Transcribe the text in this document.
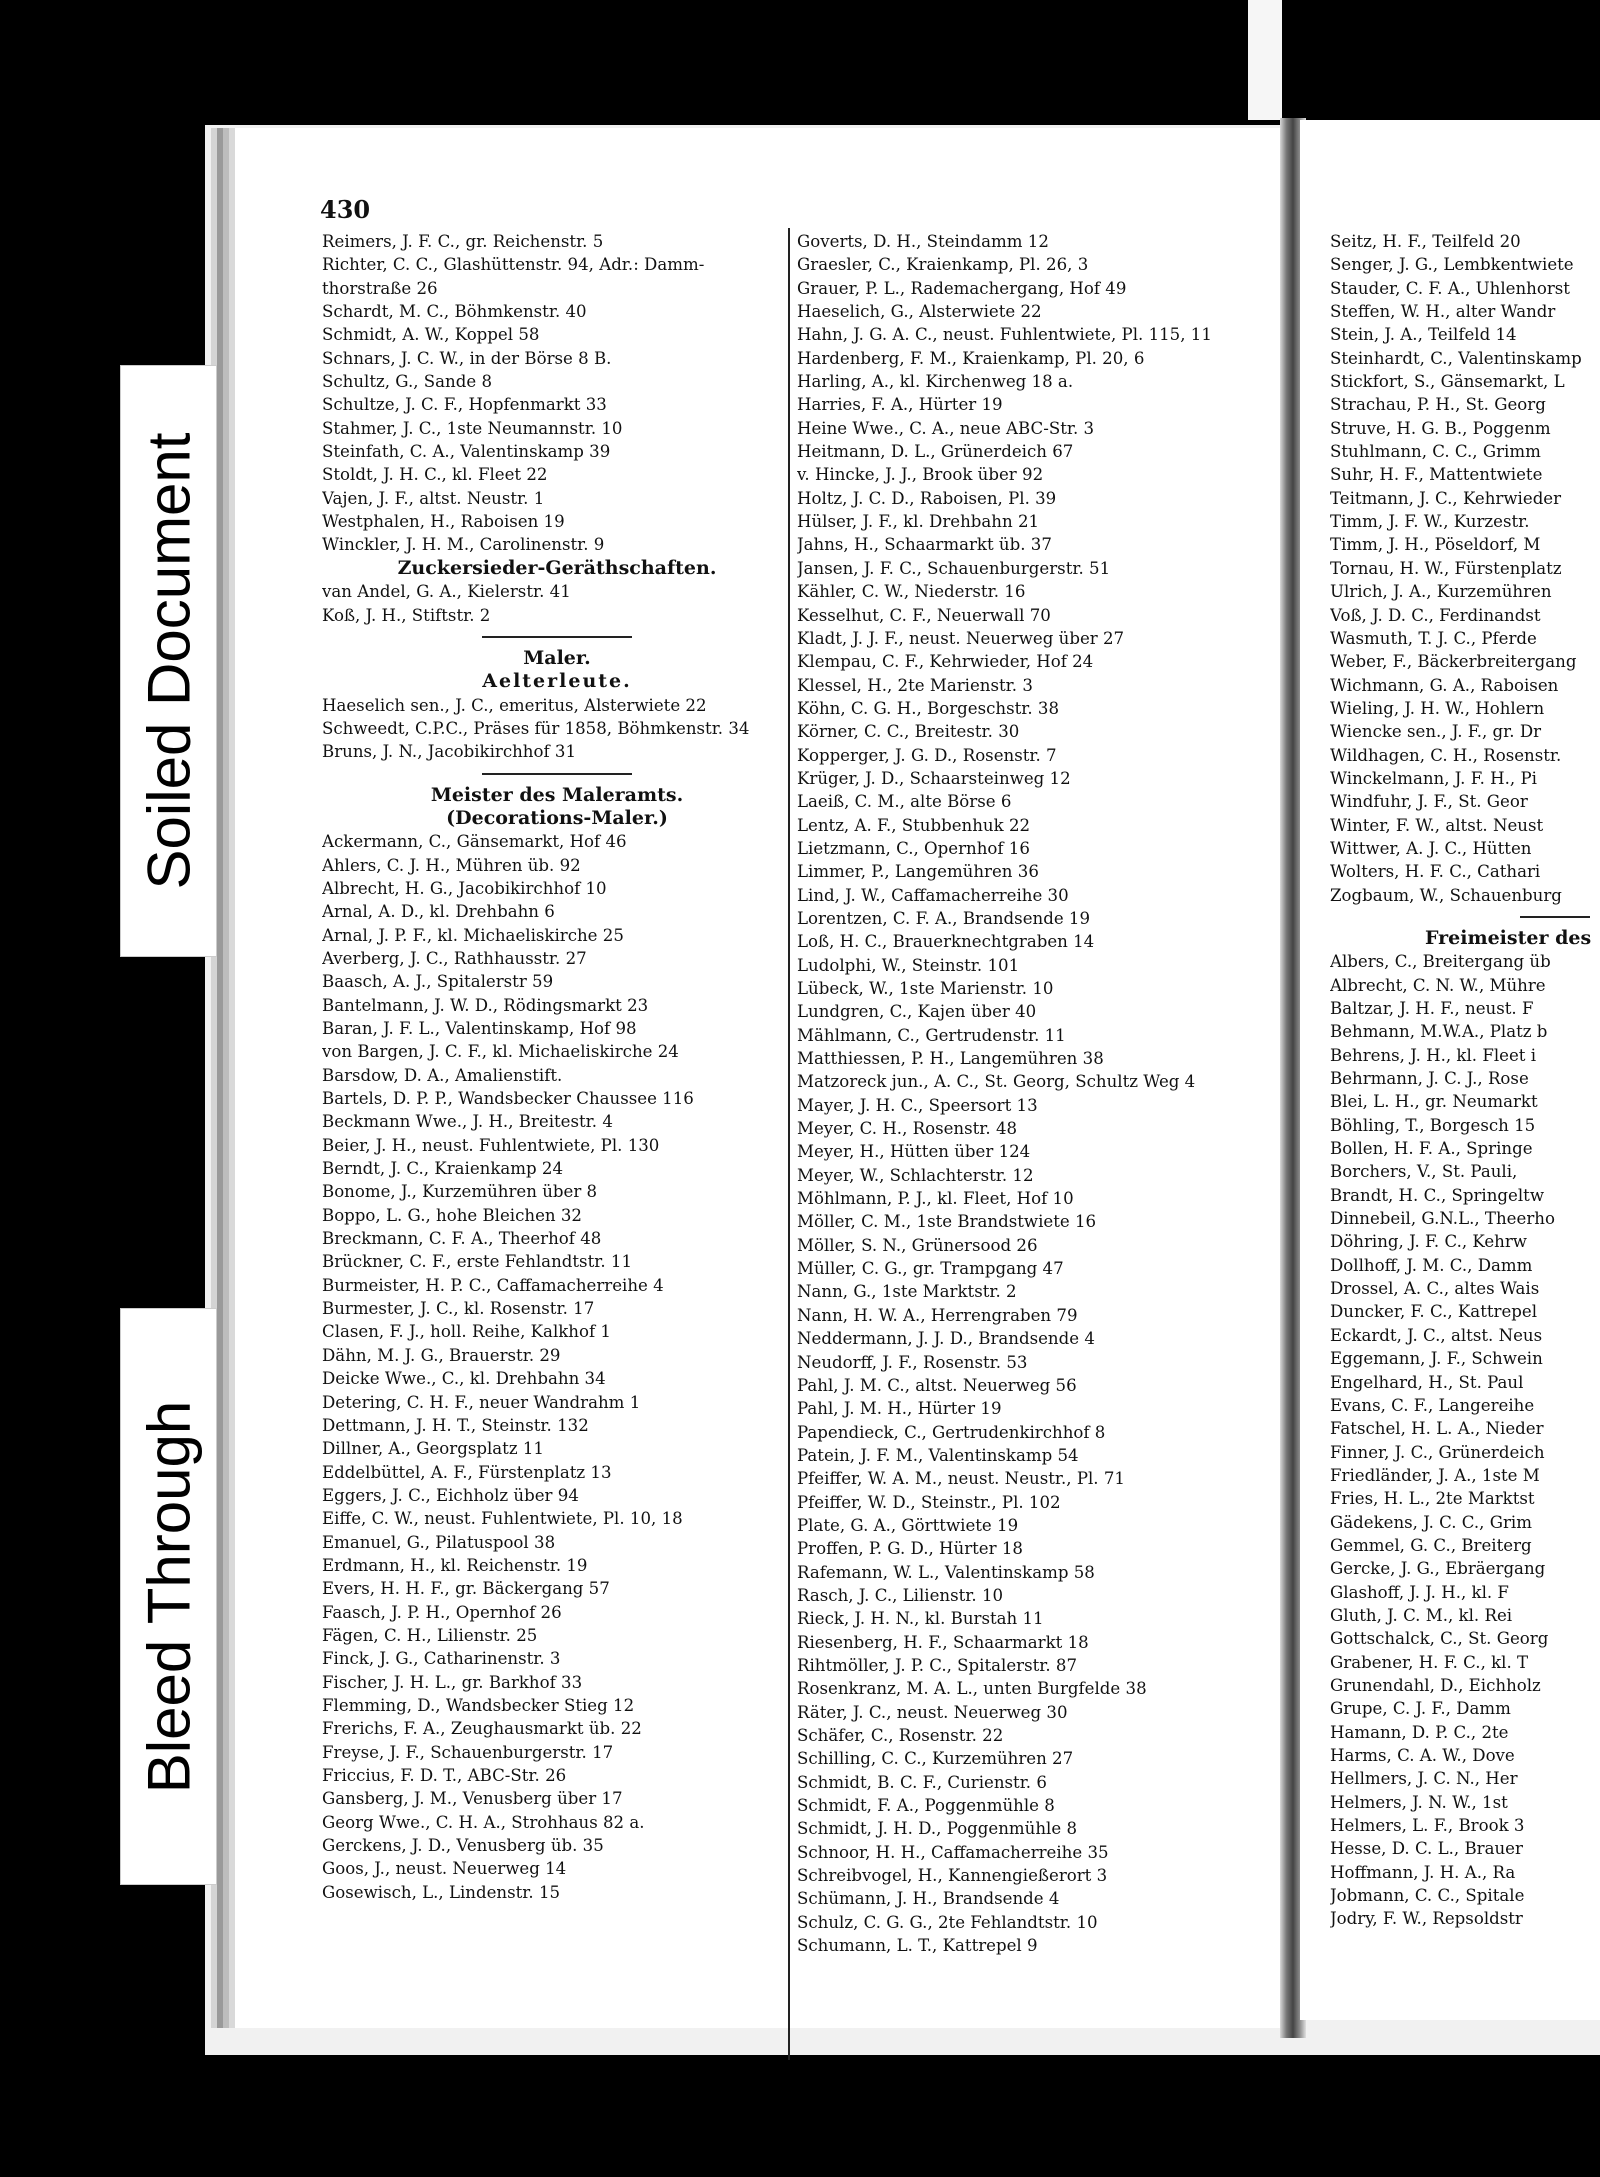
430
Reimers, J. F. C., gr. Reichenstr. 5
Richter, C. C., Glashüttenstr. 94, Adr.: Damm-
thorstraße 26
Schardt, M. C., Böhmkenstr. 40
Schmidt, A. W., Koppel 58
Schnars, J. C. W., in der Börse 8 B.
Schultz, G., Sande 8
Schultze, J. C. F., Hopfenmarkt 33
Stahmer, J. C., 1ste Neumannstr. 10
Steinfath, C. A., Valentinskamp 39
Stoldt, J. H. C., kl. Fleet 22
Vajen, J. F., altst. Neustr. 1
Westphalen, H., Raboisen 19
Winckler, J. H. M., Carolinenstr. 9
Zuckersieder-Geräthschaften.
van Andel, G. A., Kielerstr. 41
Koß, J. H., Stiftstr. 2
Maler.
Aelterleute.
Haeselich sen., J. C., emeritus, Alsterwiete 22
Schweedt, C.P.C., Präses für 1858, Böhmkenstr. 34
Bruns, J. N., Jacobikirchhof 31
Meister des Maleramts.
(Decorations-Maler.)
Ackermann, C., Gänsemarkt, Hof 46
Ahlers, C. J. H., Mühren üb. 92
Albrecht, H. G., Jacobikirchhof 10
Arnal, A. D., kl. Drehbahn 6
Arnal, J. P. F., kl. Michaeliskirche 25
Averberg, J. C., Rathhausstr. 27
Baasch, A. J., Spitalerstr 59
Bantelmann, J. W. D., Rödingsmarkt 23
Baran, J. F. L., Valentinskamp, Hof 98
von Bargen, J. C. F., kl. Michaeliskirche 24
Barsdow, D. A., Amalienstift.
Bartels, D. P. P., Wandsbecker Chaussee 116
Beckmann Wwe., J. H., Breitestr. 4
Beier, J. H., neust. Fuhlentwiete, Pl. 130
Berndt, J. C., Kraienkamp 24
Bonome, J., Kurzemühren über 8
Boppo, L. G., hohe Bleichen 32
Breckmann, C. F. A., Theerhof 48
Brückner, C. F., erste Fehlandtstr. 11
Burmeister, H. P. C., Caffamacherreihe 4
Burmester, J. C., kl. Rosenstr. 17
Clasen, F. J., holl. Reihe, Kalkhof 1
Dähn, M. J. G., Brauerstr. 29
Deicke Wwe., C., kl. Drehbahn 34
Detering, C. H. F., neuer Wandrahm 1
Dettmann, J. H. T., Steinstr. 132
Dillner, A., Georgsplatz 11
Eddelbüttel, A. F., Fürstenplatz 13
Eggers, J. C., Eichholz über 94
Eiffe, C. W., neust. Fuhlentwiete, Pl. 10, 18
Emanuel, G., Pilatuspool 38
Erdmann, H., kl. Reichenstr. 19
Evers, H. H. F., gr. Bäckergang 57
Faasch, J. P. H., Opernhof 26
Fägen, C. H., Lilienstr. 25
Finck, J. G., Catharinenstr. 3
Fischer, J. H. L., gr. Barkhof 33
Flemming, D., Wandsbecker Stieg 12
Frerichs, F. A., Zeughausmarkt üb. 22
Freyse, J. F., Schauenburgerstr. 17
Friccius, F. D. T., ABC-Str. 26
Gansberg, J. M., Venusberg über 17
Georg Wwe., C. H. A., Strohhaus 82 a.
Gerckens, J. D., Venusberg üb. 35
Goos, J., neust. Neuerweg 14
Gosewisch, L., Lindenstr. 15
Goverts, D. H., Steindamm 12
Graesler, C., Kraienkamp, Pl. 26, 3
Grauer, P. L., Rademachergang, Hof 49
Haeselich, G., Alsterwiete 22
Hahn, J. G. A. C., neust. Fuhlentwiete, Pl. 115, 11
Hardenberg, F. M., Kraienkamp, Pl. 20, 6
Harling, A., kl. Kirchenweg 18 a.
Harries, F. A., Hürter 19
Heine Wwe., C. A., neue ABC-Str. 3
Heitmann, D. L., Grünerdeich 67
v. Hincke, J. J., Brook über 92
Holtz, J. C. D., Raboisen, Pl. 39
Hülser, J. F., kl. Drehbahn 21
Jahns, H., Schaarmarkt üb. 37
Jansen, J. F. C., Schauenburgerstr. 51
Kähler, C. W., Niederstr. 16
Kesselhut, C. F., Neuerwall 70
Kladt, J. J. F., neust. Neuerweg über 27
Klempau, C. F., Kehrwieder, Hof 24
Klessel, H., 2te Marienstr. 3
Köhn, C. G. H., Borgeschstr. 38
Körner, C. C., Breitestr. 30
Kopperger, J. G. D., Rosenstr. 7
Krüger, J. D., Schaarsteinweg 12
Laeiß, C. M., alte Börse 6
Lentz, A. F., Stubbenhuk 22
Lietzmann, C., Opernhof 16
Limmer, P., Langemühren 36
Lind, J. W., Caffamacherreihe 30
Lorentzen, C. F. A., Brandsende 19
Loß, H. C., Brauerknechtgraben 14
Ludolphi, W., Steinstr. 101
Lübeck, W., 1ste Marienstr. 10
Lundgren, C., Kajen über 40
Mählmann, C., Gertrudenstr. 11
Matthiessen, P. H., Langemühren 38
Matzoreck jun., A. C., St. Georg, Schultz Weg 4
Mayer, J. H. C., Speersort 13
Meyer, C. H., Rosenstr. 48
Meyer, H., Hütten über 124
Meyer, W., Schlachterstr. 12
Möhlmann, P. J., kl. Fleet, Hof 10
Möller, C. M., 1ste Brandstwiete 16
Möller, S. N., Grünersood 26
Müller, C. G., gr. Trampgang 47
Nann, G., 1ste Marktstr. 2
Nann, H. W. A., Herrengraben 79
Neddermann, J. J. D., Brandsende 4
Neudorff, J. F., Rosenstr. 53
Pahl, J. M. C., altst. Neuerweg 56
Pahl, J. M. H., Hürter 19
Papendieck, C., Gertrudenkirchhof 8
Patein, J. F. M., Valentinskamp 54
Pfeiffer, W. A. M., neust. Neustr., Pl. 71
Pfeiffer, W. D., Steinstr., Pl. 102
Plate, G. A., Görttwiete 19
Proffen, P. G. D., Hürter 18
Rafemann, W. L., Valentinskamp 58
Rasch, J. C., Lilienstr. 10
Rieck, J. H. N., kl. Burstah 11
Riesenberg, H. F., Schaarmarkt 18
Rihtmöller, J. P. C., Spitalerstr. 87
Rosenkranz, M. A. L., unten Burgfelde 38
Räter, J. C., neust. Neuerweg 30
Schäfer, C., Rosenstr. 22
Schilling, C. C., Kurzemühren 27
Schmidt, B. C. F., Curienstr. 6
Schmidt, F. A., Poggenmühle 8
Schmidt, J. H. D., Poggenmühle 8
Schnoor, H. H., Caffamacherreihe 35
Schreibvogel, H., Kannengießerort 3
Schümann, J. H., Brandsende 4
Schulz, C. G. G., 2te Fehlandtstr. 10
Schumann, L. T., Kattrepel 9
Seitz, H. F., Teilfeld 20
Senger, J. G., Lembkentwiete
Stauder, C. F. A., Uhlenhorst
Steffen, W. H., alter Wandr
Stein, J. A., Teilfeld 14
Steinhardt, C., Valentinskamp
Stickfort, S., Gänsemarkt, L
Strachau, P. H., St. Georg
Struve, H. G. B., Poggenm
Stuhlmann, C. C., Grimm
Suhr, H. F., Mattentwiete
Teitmann, J. C., Kehrwieder
Timm, J. F. W., Kurzestr.
Timm, J. H., Pöseldorf, M
Tornau, H. W., Fürstenplatz
Ulrich, J. A., Kurzemühren
Voß, J. D. C., Ferdinandst
Wasmuth, T. J. C., Pferde
Weber, F., Bäckerbreitergang
Wichmann, G. A., Raboisen
Wieling, J. H. W., Hohlern
Wiencke sen., J. F., gr. Dr
Wildhagen, C. H., Rosenstr.
Winckelmann, J. F. H., Pi
Windfuhr, J. F., St. Geor
Winter, F. W., altst. Neust
Wittwer, A. J. C., Hütten
Wolters, H. F. C., Cathari
Zogbaum, W., Schauenburg
Freimeister des
Albers, C., Breitergang üb
Albrecht, C. N. W., Mühre
Baltzar, J. H. F., neust. F
Behmann, M.W.A., Platz b
Behrens, J. H., kl. Fleet i
Behrmann, J. C. J., Rose
Blei, L. H., gr. Neumarkt
Böhling, T., Borgesch 15
Bollen, H. F. A., Springe
Borchers, V., St. Pauli,
Brandt, H. C., Springeltw
Dinnebeil, G.N.L., Theerho
Döhring, J. F. C., Kehrw
Dollhoff, J. M. C., Damm
Drossel, A. C., altes Wais
Duncker, F. C., Kattrepel
Eckardt, J. C., altst. Neus
Eggemann, J. F., Schwein
Engelhard, H., St. Paul
Evans, C. F., Langereihe
Fatschel, H. L. A., Nieder
Finner, J. C., Grünerdeich
Friedländer, J. A., 1ste M
Fries, H. L., 2te Marktst
Gädekens, J. C. C., Grim
Gemmel, G. C., Breiterg
Gercke, J. G., Ebräergang
Glashoff, J. J. H., kl. F
Gluth, J. C. M., kl. Rei
Gottschalck, C., St. Georg
Grabener, H. F. C., kl. T
Grunendahl, D., Eichholz
Grupe, C. J. F., Damm
Hamann, D. P. C., 2te
Harms, C. A. W., Dove
Hellmers, J. C. N., Her
Helmers, J. N. W., 1st
Helmers, L. F., Brook 3
Hesse, D. C. L., Brauer
Hoffmann, J. H. A., Ra
Jobmann, C. C., Spitale
Jodry, F. W., Repsoldstr
Soiled Document
Bleed Through
